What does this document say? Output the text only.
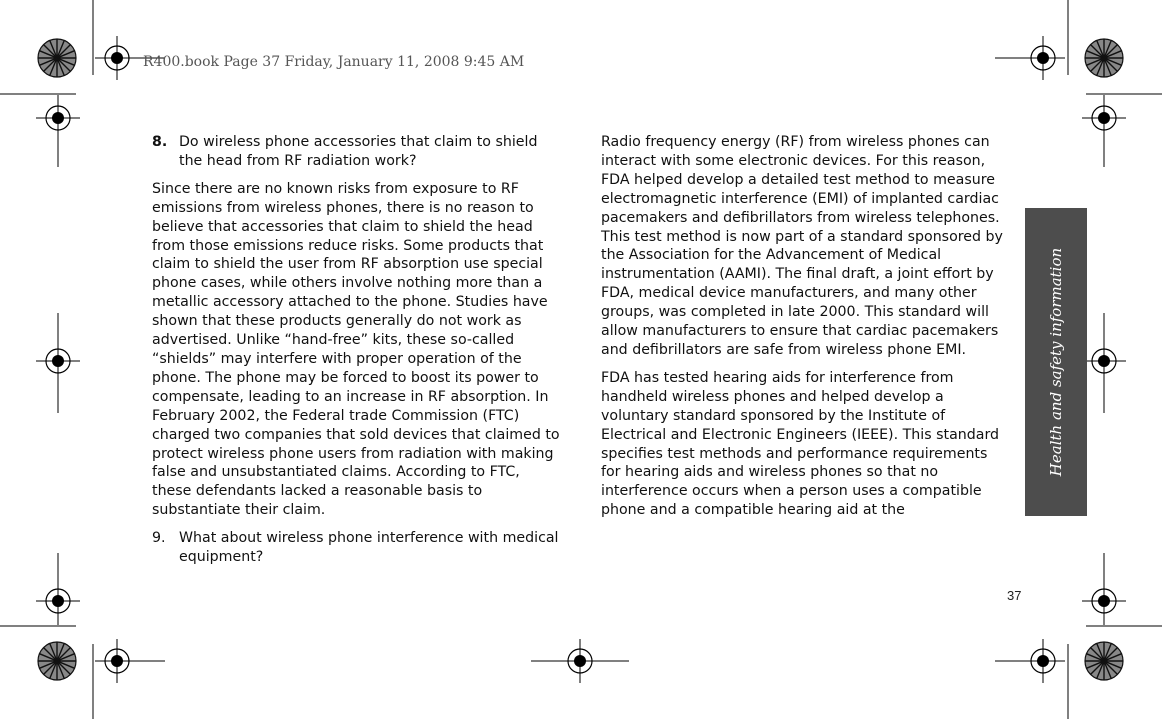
R400.book Page 37 Friday, January 11, 2008 9:45 AM
8. Do wireless phone accessories that claim to shield the head from RF radiation work?

Since there are no known risks from exposure to RF emissions from wireless phones, there is no reason to believe that accessories that claim to shield the head from those emissions reduce risks. Some products that claim to shield the user from RF absorption use special phone cases, while others involve nothing more than a metallic accessory attached to the phone. Studies have shown that these products generally do not work as advertised. Unlike “hand-free” kits, these so-called “shields” may interfere with proper operation of the phone. The phone may be forced to boost its power to compensate, leading to an increase in RF absorption. In February 2002, the Federal trade Commission (FTC) charged two companies that sold devices that claimed to protect wireless phone users from radiation with making false and unsubstantiated claims. According to FTC, these defendants lacked a reasonable basis to substantiate their claim.

9. What about wireless phone interference with medical equipment?

Radio frequency energy (RF) from wireless phones can interact with some electronic devices. For this reason, FDA helped develop a detailed test method to measure electromagnetic interference (EMI) of implanted cardiac pacemakers and defibrillators from wireless telephones. This test method is now part of a standard sponsored by the Association for the Advancement of Medical instrumentation (AAMI). The final draft, a joint effort by FDA, medical device manufacturers, and many other groups, was completed in late 2000. This standard will allow manufacturers to ensure that cardiac pacemakers and defibrillators are safe from wireless phone EMI.

FDA has tested hearing aids for interference from handheld wireless phones and helped develop a voluntary standard sponsored by the Institute of Electrical and Electronic Engineers (IEEE). This standard specifies test methods and performance requirements for hearing aids and wireless phones so that no interference occurs when a person uses a compatible phone and a compatible hearing aid at the

Health and safety information
37
